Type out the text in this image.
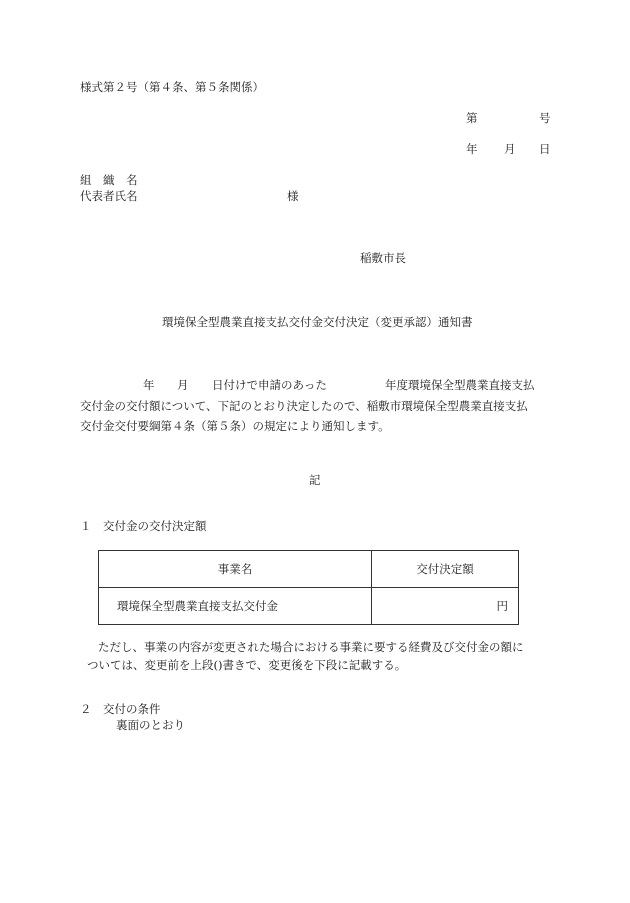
様式第２号（第４条、第５条関係）
第	号
年 月 日
組　織　名
代表者氏名	様
稲敷市長
環境保全型農業直接支払交付金交付決定（変更承認）通知書
年 月 日付けで申請のあった	年度環境保全型農業直接支払
交付金の交付額について、下記のとおり決定したので、稲敷市環境保全型農業直接支払
交付金交付要綱第４条（第５条）の規定により通知します。
記
１　交付金の交付決定額
事業名	交付決定額
環境保全型農業直接支払交付金	円
ただし、事業の内容が変更された場合における事業に要する経費及び交付金の額に
ついては、変更前を上段()書きで、変更後を下段に記載する。
２　交付の条件
裏面のとおり
